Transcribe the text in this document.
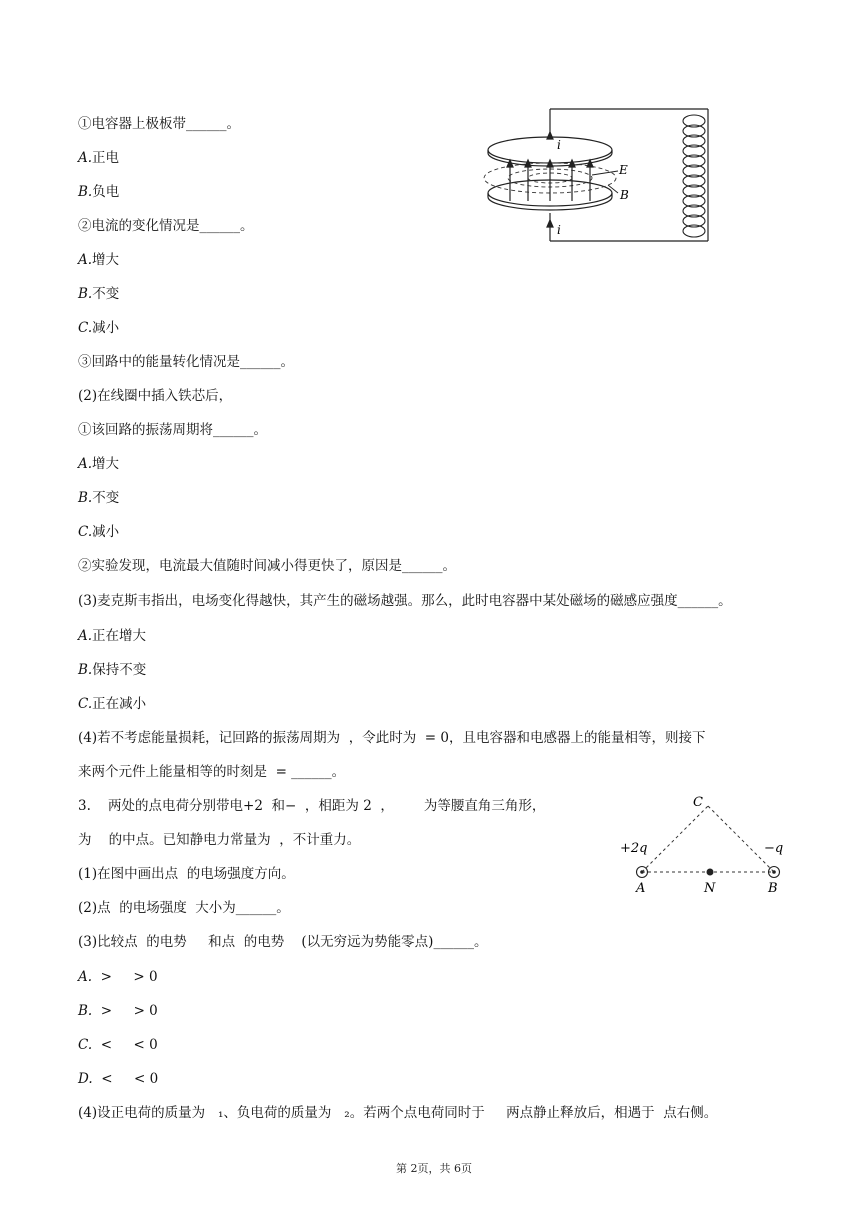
①电容器上极板带______。
A.正电
B.负电
②电流的变化情况是______。
A.增大
B.不变
C.减小
③回路中的能量转化情况是______。
(2)在线圈中插入铁芯后，
①该回路的振荡周期将______。
A.增大
B.不变
C.减小
②实验发现，电流最大值随时间减小得更快了，原因是______。
(3)麦克斯韦指出，电场变化得越快，其产生的磁场越强。那么，此时电容器中某处磁场的磁感应强度______。
A.正在增大
B.保持不变
C.正在减小
(4)若不考虑能量损耗，记回路的振荡周期为  ，令此时为  = 0，且电容器和电感器上的能量相等，则接下
来两个元件上能量相等的时刻是  = ______。
3.    两处的点电荷分别带电+2  和−  ，相距为 2  ，       为等腰直角三角形，
为    的中点。已知静电力常量为  ，不计重力。
(1)在图中画出点  的电场强度方向。
(2)点  的电场强度  大小为______。
(3)比较点  的电势     和点  的电势    (以无穷远为势能零点)______。
A.  >     > 0
B.  >     > 0
C.  <     < 0
D.  <     < 0
(4)设正电荷的质量为   ₁、负电荷的质量为   ₂。若两个点电荷同时于     两点静止释放后，相遇于  点右侧。
i
i
E
B
C
+2q	−q
A	N	B
第 2页，共 6页
